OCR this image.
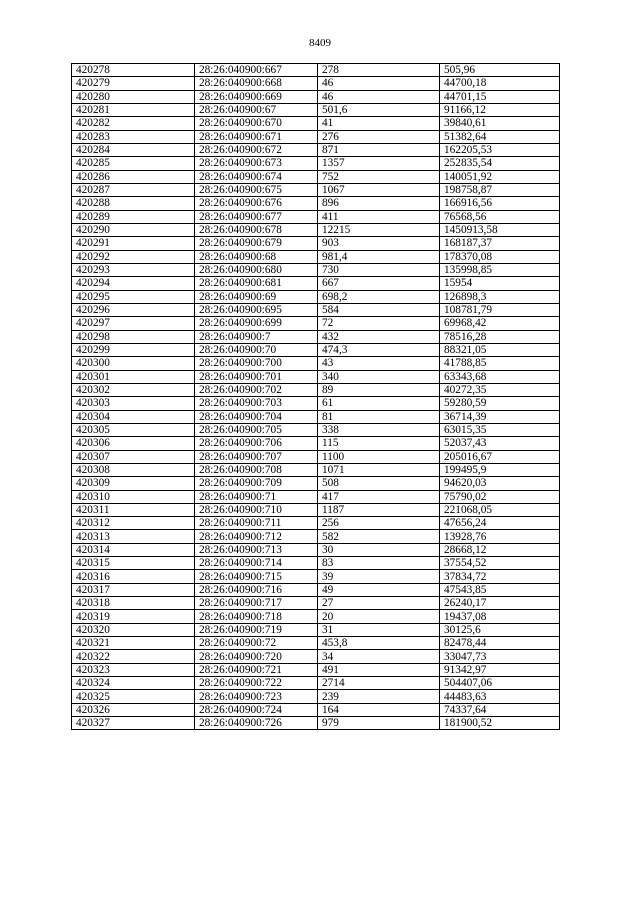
8409
420278	28:26:040900:667	278	505,96
420279	28:26:040900:668	46	44700,18
420280	28:26:040900:669	46	44701,15
420281	28:26:040900:67	501,6	91166,12
420282	28:26:040900:670	41	39840,61
420283	28:26:040900:671	276	51382,64
420284	28:26:040900:672	871	162205,53
420285	28:26:040900:673	1357	252835,54
420286	28:26:040900:674	752	140051,92
420287	28:26:040900:675	1067	198758,87
420288	28:26:040900:676	896	166916,56
420289	28:26:040900:677	411	76568,56
420290	28:26:040900:678	12215	1450913,58
420291	28:26:040900:679	903	168187,37
420292	28:26:040900:68	981,4	178370,08
420293	28:26:040900:680	730	135998,85
420294	28:26:040900:681	667	15954
420295	28:26:040900:69	698,2	126898,3
420296	28:26:040900:695	584	108781,79
420297	28:26:040900:699	72	69968,42
420298	28:26:040900:7	432	78516,28
420299	28:26:040900:70	474,3	88321,05
420300	28:26:040900:700	43	41788,85
420301	28:26:040900:701	340	63343,68
420302	28:26:040900:702	89	40272,35
420303	28:26:040900:703	61	59280,59
420304	28:26:040900:704	81	36714,39
420305	28:26:040900:705	338	63015,35
420306	28:26:040900:706	115	52037,43
420307	28:26:040900:707	1100	205016,67
420308	28:26:040900:708	1071	199495,9
420309	28:26:040900:709	508	94620,03
420310	28:26:040900:71	417	75790,02
420311	28:26:040900:710	1187	221068,05
420312	28:26:040900:711	256	47656,24
420313	28:26:040900:712	582	13928,76
420314	28:26:040900:713	30	28668,12
420315	28:26:040900:714	83	37554,52
420316	28:26:040900:715	39	37834,72
420317	28:26:040900:716	49	47543,85
420318	28:26:040900:717	27	26240,17
420319	28:26:040900:718	20	19437,08
420320	28:26:040900:719	31	30125,6
420321	28:26:040900:72	453,8	82478,44
420322	28:26:040900:720	34	33047,73
420323	28:26:040900:721	491	91342,97
420324	28:26:040900:722	2714	504407,06
420325	28:26:040900:723	239	44483,63
420326	28:26:040900:724	164	74337,64
420327	28:26:040900:726	979	181900,52
